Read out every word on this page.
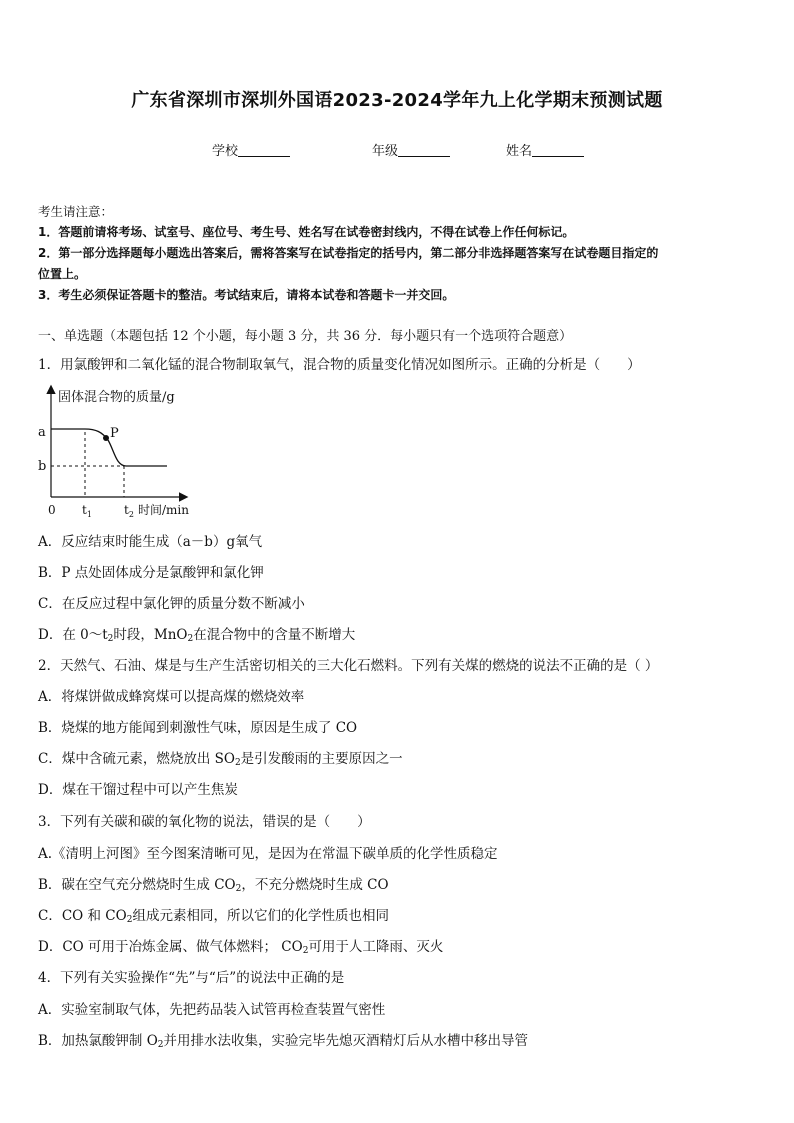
广东省深圳市深圳外国语2023-2024学年九上化学期末预测试题
学校	年级	姓名
考生请注意：
1．答题前请将考场、试室号、座位号、考生号、姓名写在试卷密封线内，不得在试卷上作任何标记。
2．第一部分选择题每小题选出答案后，需将答案写在试卷指定的括号内，第二部分非选择题答案写在试卷题目指定的
位置上。
3．考生必须保证答题卡的整洁。考试结束后，请将本试卷和答题卡一并交回。
一、单选题（本题包括 12 个小题，每小题 3 分，共 36 分．每小题只有一个选项符合题意）
1．用氯酸钾和二氧化锰的混合物制取氧气，混合物的质量变化情况如图所示。正确的分析是（　　）
固体混合物的质量/g
a
b
P
0 $t_1$	$t_2$ 时间/min
A．反应结束时能生成（a－b）g氧气
B．P 点处固体成分是氯酸钾和氯化钾
C．在反应过程中氯化钾的质量分数不断减小
D．在 $0\sim t_2$时段，MnO$_2$在混合物中的含量不断增大
2．天然气、石油、煤是与生产生活密切相关的三大化石燃料。下列有关煤的燃烧的说法不正确的是（ ）
A．将煤饼做成蜂窝煤可以提高煤的燃烧效率
B．烧煤的地方能闻到刺激性气味，原因是生成了 CO
C．煤中含硫元素，燃烧放出 $SO_2$是引发酸雨的主要原因之一
D．煤在干馏过程中可以产生焦炭
3．下列有关碳和碳的氧化物的说法，错误的是（　　）
A.《清明上河图》至今图案清晰可见，是因为在常温下碳单质的化学性质稳定
B．碳在空气充分燃烧时生成 $CO_2$，不充分燃烧时生成 CO
C．CO 和 $CO_2$组成元素相同，所以它们的化学性质也相同
D．CO 可用于冶炼金属、做气体燃料； $CO_2$可用于人工降雨、灭火
4．下列有关实验操作“先”与“后”的说法中正确的是
A．实验室制取气体，先把药品装入试管再检查装置气密性
B．加热氯酸钾制 $O_2$并用排水法收集，实验完毕先熄灭酒精灯后从水槽中移出导管
